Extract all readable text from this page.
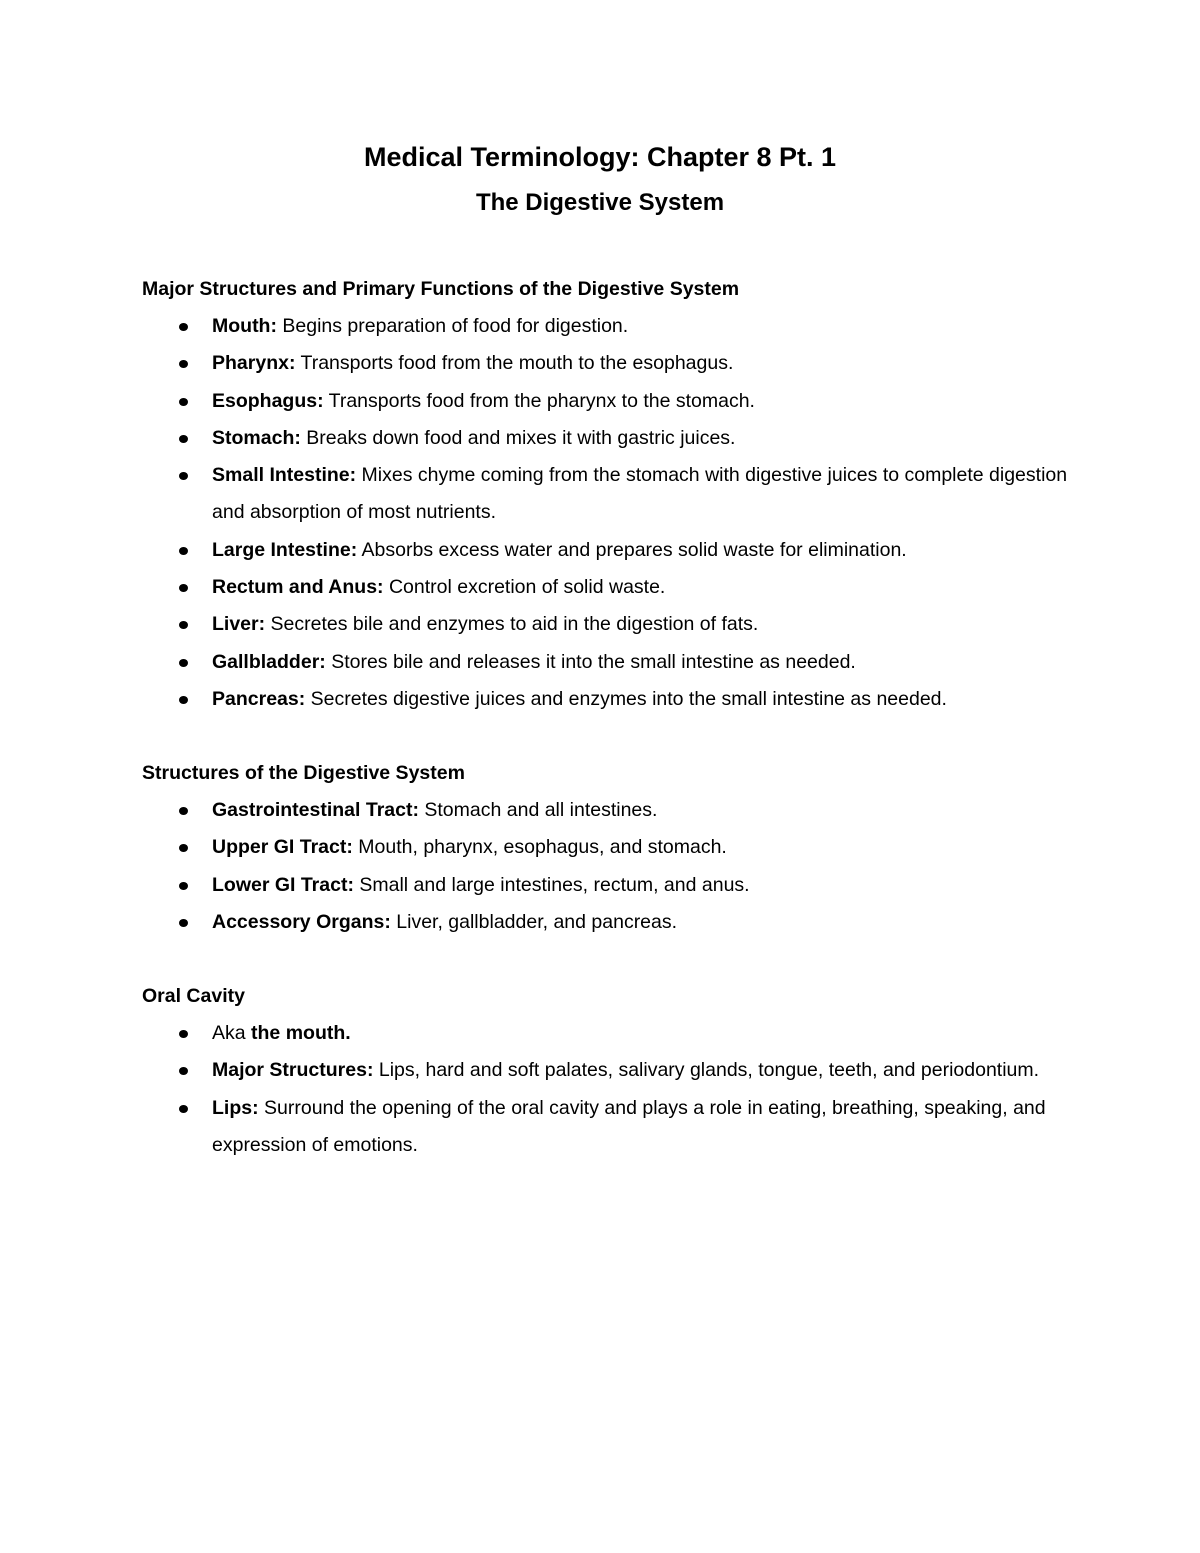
Medical Terminology: Chapter 8 Pt. 1
The Digestive System

Major Structures and Primary Functions of the Digestive System

Mouth: Begins preparation of food for digestion.
Pharynx: Transports food from the mouth to the esophagus.
Esophagus: Transports food from the pharynx to the stomach.
Stomach: Breaks down food and mixes it with gastric juices.
Small Intestine: Mixes chyme coming from the stomach with digestive juices to complete digestion and absorption of most nutrients.
Large Intestine: Absorbs excess water and prepares solid waste for elimination.
Rectum and Anus: Control excretion of solid waste.
Liver: Secretes bile and enzymes to aid in the digestion of fats.
Gallbladder: Stores bile and releases it into the small intestine as needed.
Pancreas: Secretes digestive juices and enzymes into the small intestine as needed.

Structures of the Digestive System

Gastrointestinal Tract: Stomach and all intestines.
Upper GI Tract: Mouth, pharynx, esophagus, and stomach.
Lower GI Tract: Small and large intestines, rectum, and anus.
Accessory Organs: Liver, gallbladder, and pancreas.

Oral Cavity

Aka the mouth.
Major Structures: Lips, hard and soft palates, salivary glands, tongue, teeth, and periodontium.
Lips: Surround the opening of the oral cavity and plays a role in eating, breathing, speaking, and expression of emotions.
